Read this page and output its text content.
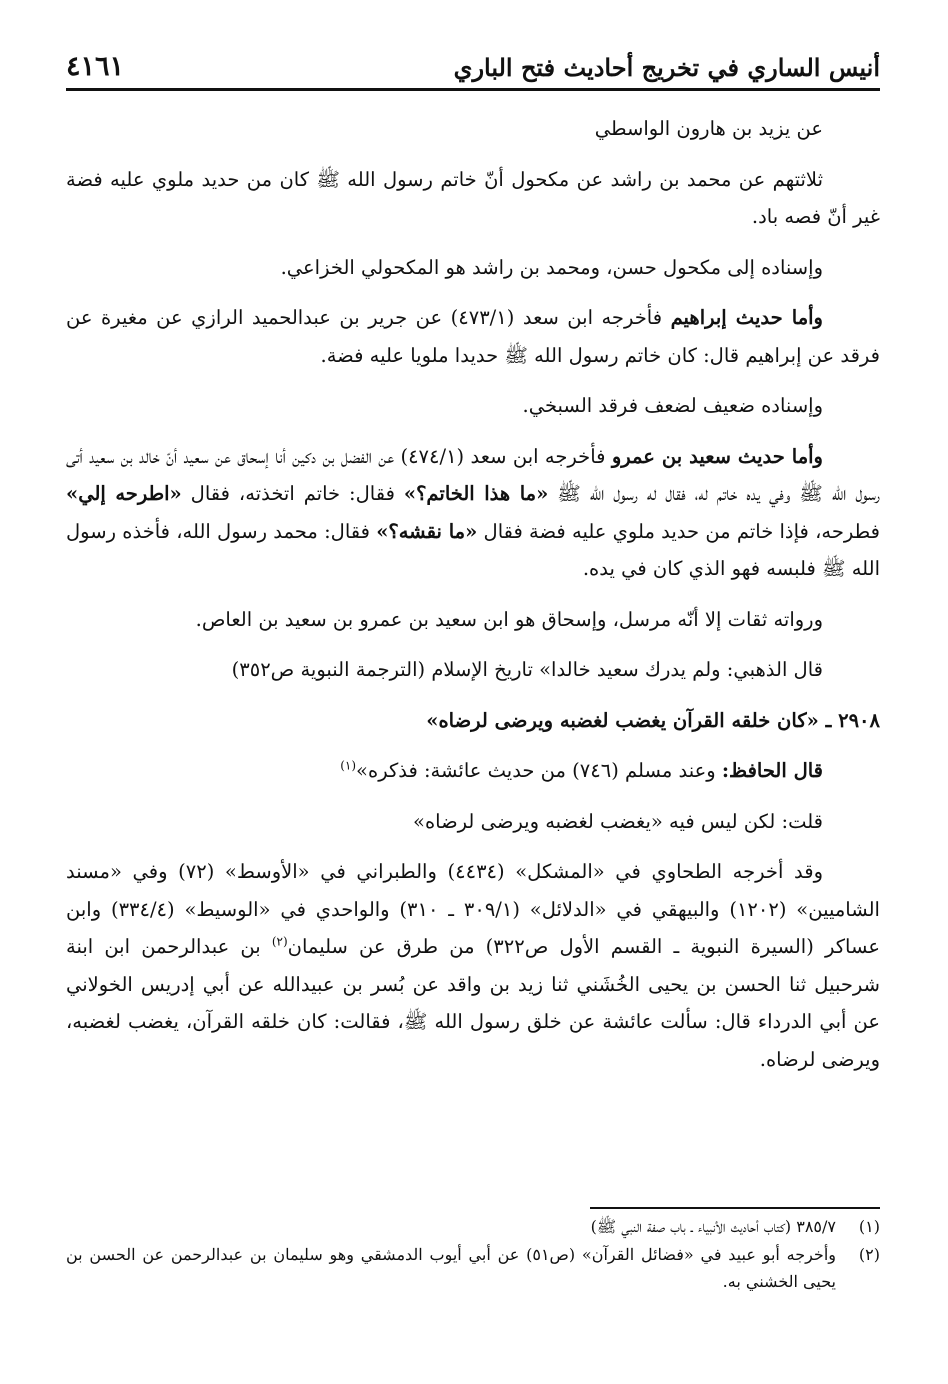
أنيس الساري في تخريج أحاديث فتح الباري
٤١٦١

عن يزيد بن هارون الواسطي

ثلاثتهم عن محمد بن راشد عن مكحول أنّ خاتم رسول الله ﷺ كان من حديد ملوي عليه فضة غير أنّ فصه باد.

وإسناده إلى مكحول حسن، ومحمد بن راشد هو المكحولي الخزاعي.

وأما حديث إبراهيم فأخرجه ابن سعد (٤٧٣/١) عن جرير بن عبدالحميد الرازي عن مغيرة عن فرقد عن إبراهيم قال: كان خاتم رسول الله ﷺ حديدا ملويا عليه فضة.

وإسناده ضعيف لضعف فرقد السبخي.

وأما حديث سعيد بن عمرو فأخرجه ابن سعد (٤٧٤/١) عن الفضل بن دكين أنا إسحاق عن سعيد أنّ خالد بن سعيد أتى رسول الله ﷺ وفي يده خاتم له، فقال له رسول الله ﷺ «ما هذا الخاتم؟» فقال: خاتم اتخذته، فقال «اطرحه إلي» فطرحه، فإذا خاتم من حديد ملوي عليه فضة فقال «ما نقشه؟» فقال: محمد رسول الله، فأخذه رسول الله ﷺ فلبسه فهو الذي كان في يده.

ورواته ثقات إلا أنّه مرسل، وإسحاق هو ابن سعيد بن عمرو بن سعيد بن العاص.

قال الذهبي: ولم يدرك سعيد خالدا» تاريخ الإسلام (الترجمة النبوية ص٣٥٢)

٢٩٠٨ ـ «كان خلقه القرآن يغضب لغضبه ويرضى لرضاه»

قال الحافظ: وعند مسلم (٧٤٦) من حديث عائشة: فذكره»$^{(١)}$

قلت: لكن ليس فيه «يغضب لغضبه ويرضى لرضاه»

وقد أخرجه الطحاوي في «المشكل» (٤٤٣٤) والطبراني في «الأوسط» (٧٢) وفي «مسند الشاميين» (١٢٠٢) والبيهقي في «الدلائل» (٣٠٩/١ ـ ٣١٠) والواحدي في «الوسيط» (٣٣٤/٤) وابن عساكر (السيرة النبوية ـ القسم الأول ص٣٢٢) من طرق عن سليمان$^{(٢)}$ بن عبدالرحمن ابن ابنة شرحبيل ثنا الحسن بن يحيى الخُشَني ثنا زيد بن واقد عن بُسر بن عبيدالله عن أبي إدريس الخولاني عن أبي الدرداء قال: سألت عائشة عن خلق رسول الله ﷺ، فقالت: كان خلقه القرآن، يغضب لغضبه، ويرضى لرضاه.

(١)
٣٨٥/٧ (كتاب أحاديث الأنبياء ـ باب صفة النبي ﷺ)
(٢)
وأخرجه أبو عبيد في «فضائل القرآن» (ص٥١) عن أبي أيوب الدمشقي وهو سليمان بن عبدالرحمن عن الحسن بن يحيى الخشني به.
